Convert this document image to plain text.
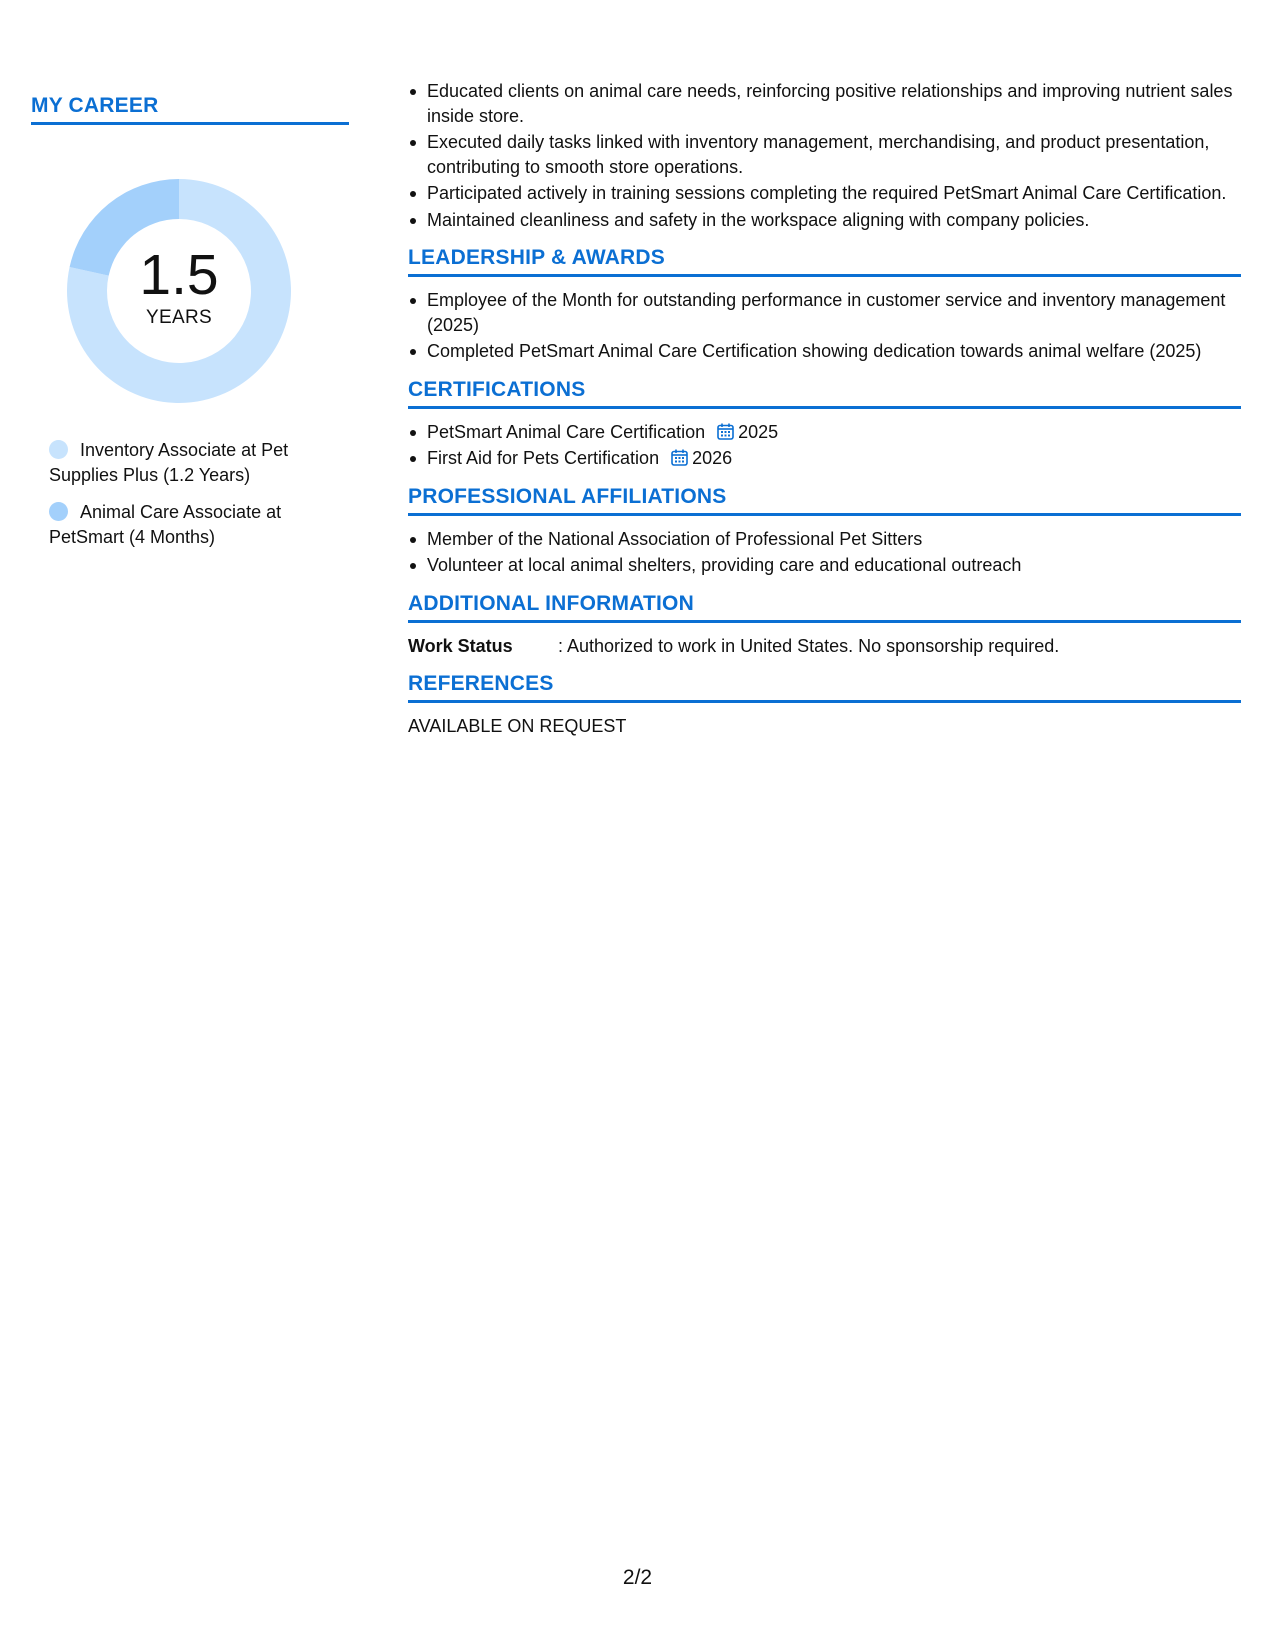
MY CAREER
1.5
YEARS
Inventory Associate at Pet Supplies Plus (1.2 Years)
Animal Care Associate at PetSmart (4 Months)
Educated clients on animal care needs, reinforcing positive relationships and improving nutrient sales inside store.
Executed daily tasks linked with inventory management, merchandising, and product presentation, contributing to smooth store operations.
Participated actively in training sessions completing the required PetSmart Animal Care Certification.
Maintained cleanliness and safety in the workspace aligning with company policies.
LEADERSHIP & AWARDS
Employee of the Month for outstanding performance in customer service and inventory management (2025)
Completed PetSmart Animal Care Certification showing dedication towards animal welfare (2025)
CERTIFICATIONS
PetSmart Animal Care Certification 2025
First Aid for Pets Certification 2026
PROFESSIONAL AFFILIATIONS
Member of the National Association of Professional Pet Sitters
Volunteer at local animal shelters, providing care and educational outreach
ADDITIONAL INFORMATION
Work Status	: Authorized to work in United States. No sponsorship required.
REFERENCES
AVAILABLE ON REQUEST
2/2
